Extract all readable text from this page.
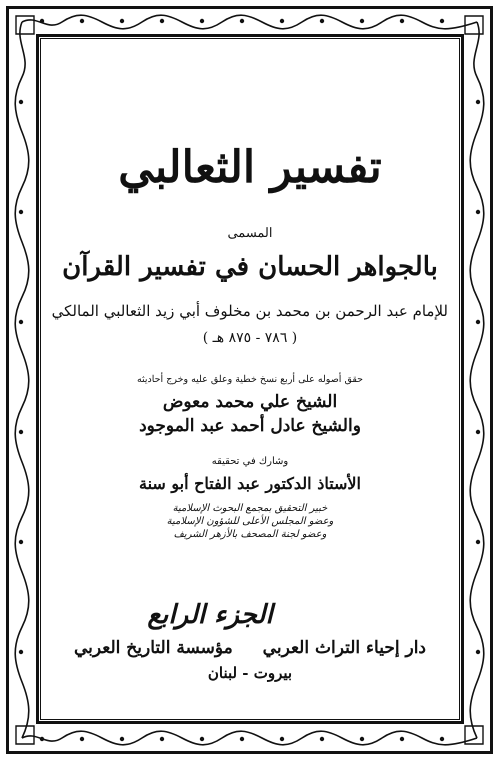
تفسير الثعالبي
المسمى
بالجواهر الحسان في تفسير القرآن
للإمام عبد الرحمن بن محمد بن مخلوف أبي زيد الثعالبي المالكي
( ٧٨٦ - ٨٧٥ هـ )
حقق أصوله على أربع نسخ خطية وعلق عليه وخرج أحاديثه
الشيخ علي محمد معوض
والشيخ عادل أحمد عبد الموجود
وشارك في تحقيقه
الأستاذ الدكتور عبد الفتاح أبو سنة
خبير التحقيق بمجمع البحوث الإسلامية
وعضو المجلس الأعلى للشؤون الإسلامية
وعضو لجنة المصحف بالأزهر الشريف
الجزء الرابع
دار إحياء التراث العربي مؤسسة التاريخ العربي
بيروت - لبنان
